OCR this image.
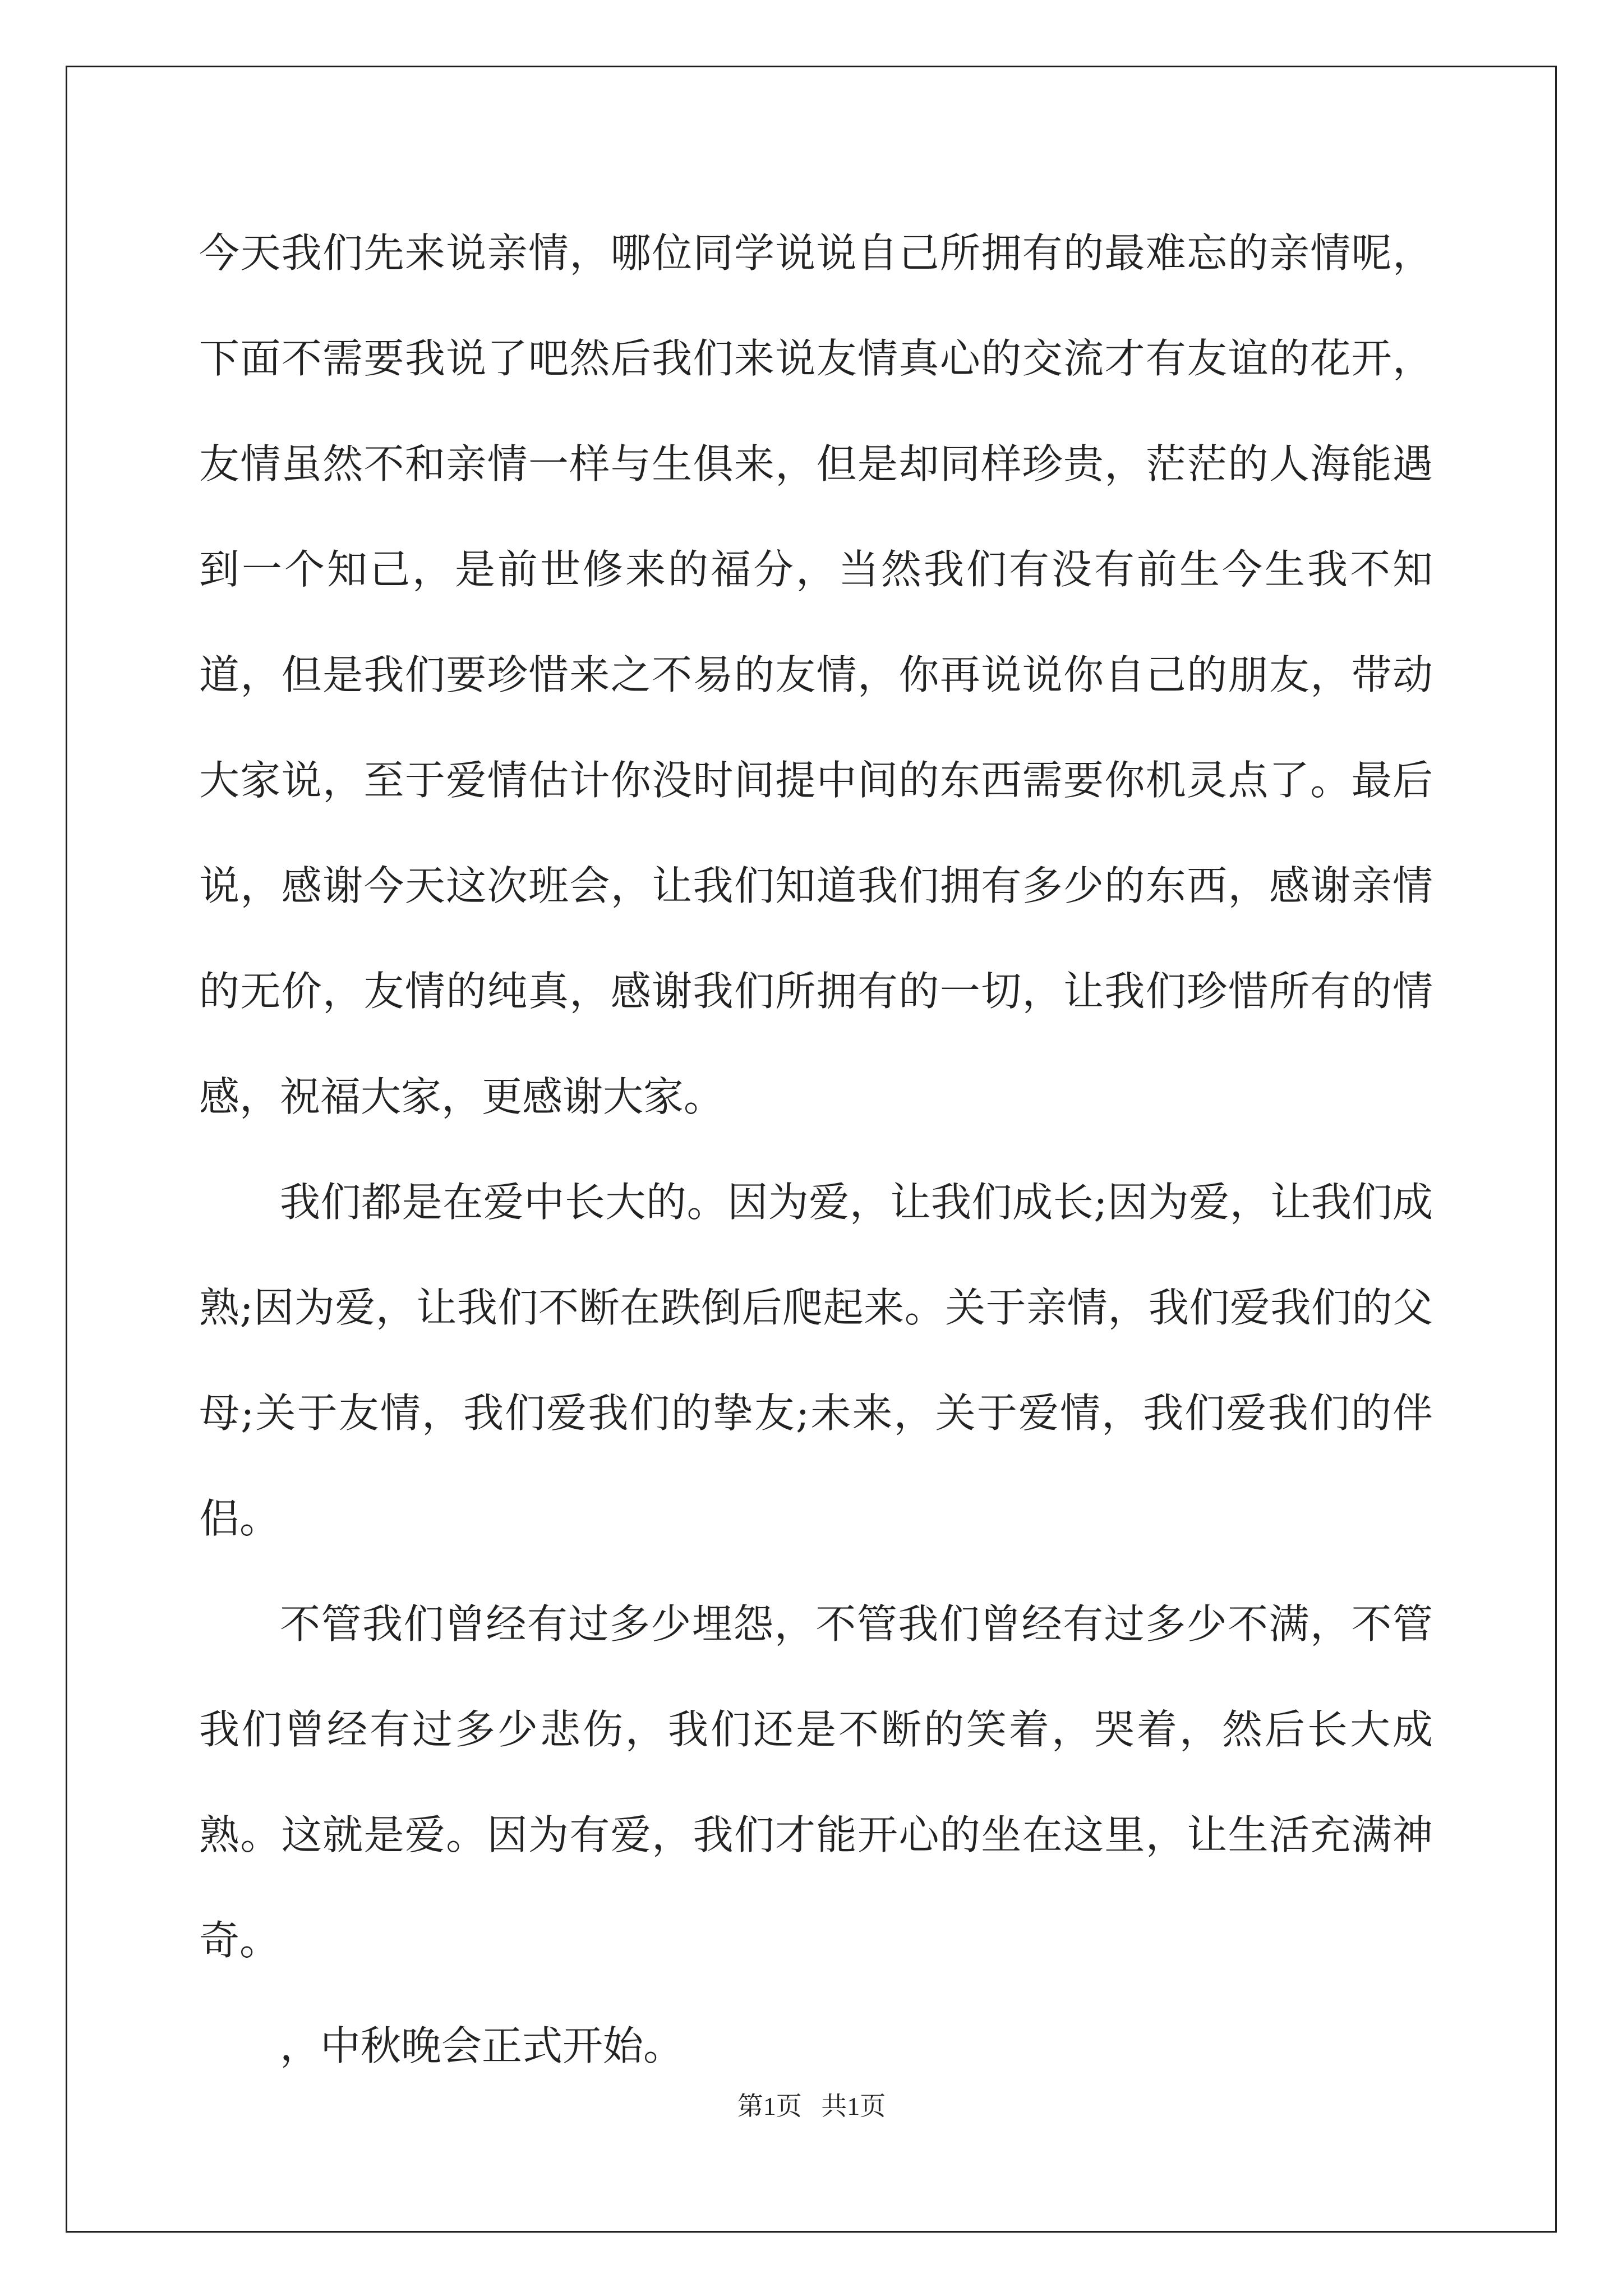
今天我们先来说亲情，哪位同学说说自己所拥有的最难忘的亲情呢，下面不需要我说了吧然后我们来说友情真心的交流才有友谊的花开，友情虽然不和亲情一样与生俱来，但是却同样珍贵，茫茫的人海能遇到一个知己，是前世修来的福分，当然我们有没有前生今生我不知道，但是我们要珍惜来之不易的友情，你再说说你自己的朋友，带动大家说，至于爱情估计你没时间提中间的东西需要你机灵点了。最后说，感谢今天这次班会，让我们知道我们拥有多少的东西，感谢亲情的无价，友情的纯真，感谢我们所拥有的一切，让我们珍惜所有的情感，祝福大家，更感谢大家。

我们都是在爱中长大的。因为爱，让我们成长;因为爱，让我们成熟;因为爱，让我们不断在跌倒后爬起来。关于亲情，我们爱我们的父母;关于友情，我们爱我们的挚友;未来，关于爱情，我们爱我们的伴侣。

不管我们曾经有过多少埋怨，不管我们曾经有过多少不满，不管我们曾经有过多少悲伤，我们还是不断的笑着，哭着，然后长大成熟。这就是爱。因为有爱，我们才能开心的坐在这里，让生活充满神奇。

，中秋晚会正式开始。

第1页   共1页
